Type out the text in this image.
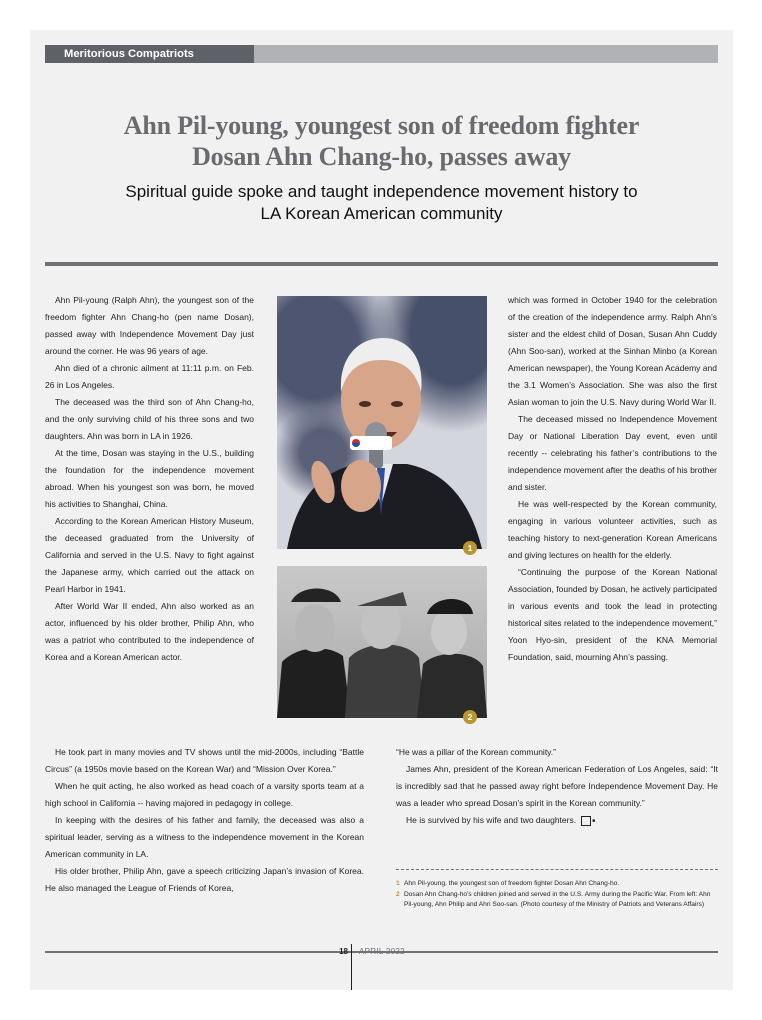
Meritorious Compatriots
Ahn Pil-young, youngest son of freedom fighter
Dosan Ahn Chang-ho, passes away
Spiritual guide spoke and taught independence movement history to
LA Korean American community

Ahn Pil-young (Ralph Ahn), the youngest son of the freedom fighter Ahn Chang-ho (pen name Dosan), passed away with Independence Movement Day just around the corner. He was 96 years of age.

Ahn died of a chronic ailment at 11:11 p.m. on Feb. 26 in Los Angeles.

The deceased was the third son of Ahn Chang-ho, and the only surviving child of his three sons and two daughters. Ahn was born in LA in 1926.

At the time, Dosan was staying in the U.S., building the foundation for the independence movement abroad. When his youngest son was born, he moved his activities to Shanghai, China.

According to the Korean American History Museum, the deceased graduated from the University of California and served in the U.S. Navy to fight against the Japanese army, which carried out the attack on Pearl Harbor in 1941.

After World War II ended, Ahn also worked as an actor, influenced by his older brother, Philip Ahn, who was a patriot who contributed to the independence of Korea and a Korean American actor.

1
2

which was formed in October 1940 for the celebration of the creation of the independence army. Ralph Ahn’s sister and the eldest child of Dosan, Susan Ahn Cuddy (Ahn Soo-san), worked at the Sinhan Minbo (a Korean American newspaper), the Young Korean Academy and the 3.1 Women’s Association. She was also the first Asian woman to join the U.S. Navy during World War II.

The deceased missed no Independence Movement Day or National Liberation Day event, even until recently -- celebrating his father’s contributions to the independence movement after the deaths of his brother and sister.

He was well-respected by the Korean community, engaging in various volunteer activities, such as teaching history to next-generation Korean Americans and giving lectures on health for the elderly.

“Continuing the purpose of the Korean National Association, founded by Dosan, he actively participated in various events and took the lead in protecting historical sites related to the independence movement,” Yoon Hyo-sin, president of the KNA Memorial Foundation, said, mourning Ahn’s passing.

He took part in many movies and TV shows until the mid-2000s, including “Battle Circus” (a 1950s movie based on the Korean War) and “Mission Over Korea.”

When he quit acting, he also worked as head coach of a varsity sports team at a high school in California -- having majored in pedagogy in college.

In keeping with the desires of his father and family, the deceased was also a spiritual leader, serving as a witness to the independence movement in the Korean American community in LA.

His older brother, Philip Ahn, gave a speech criticizing Japan’s invasion of Korea. He also managed the League of Friends of Korea,

“He was a pillar of the Korean community.”

James Ahn, president of the Korean American Federation of Los Angeles, said: “It is incredibly sad that he passed away right before Independence Movement Day. He was a leader who spread Dosan’s spirit in the Korean community.”

He is survived by his wife and two daughters.	■

1 Ahn Pil-young, the youngest son of freedom fighter Dosan Ahn Chang-ho.
2 Dosan Ahn Chang-ho’s children joined and served in the U.S. Army during the Pacific War. From left: Ahn Pil-young, Ahn Philip and Ahn Soo-san. (Photo courtesy of the Ministry of Patriots and Veterans Affairs)
18 APRIL 2022
